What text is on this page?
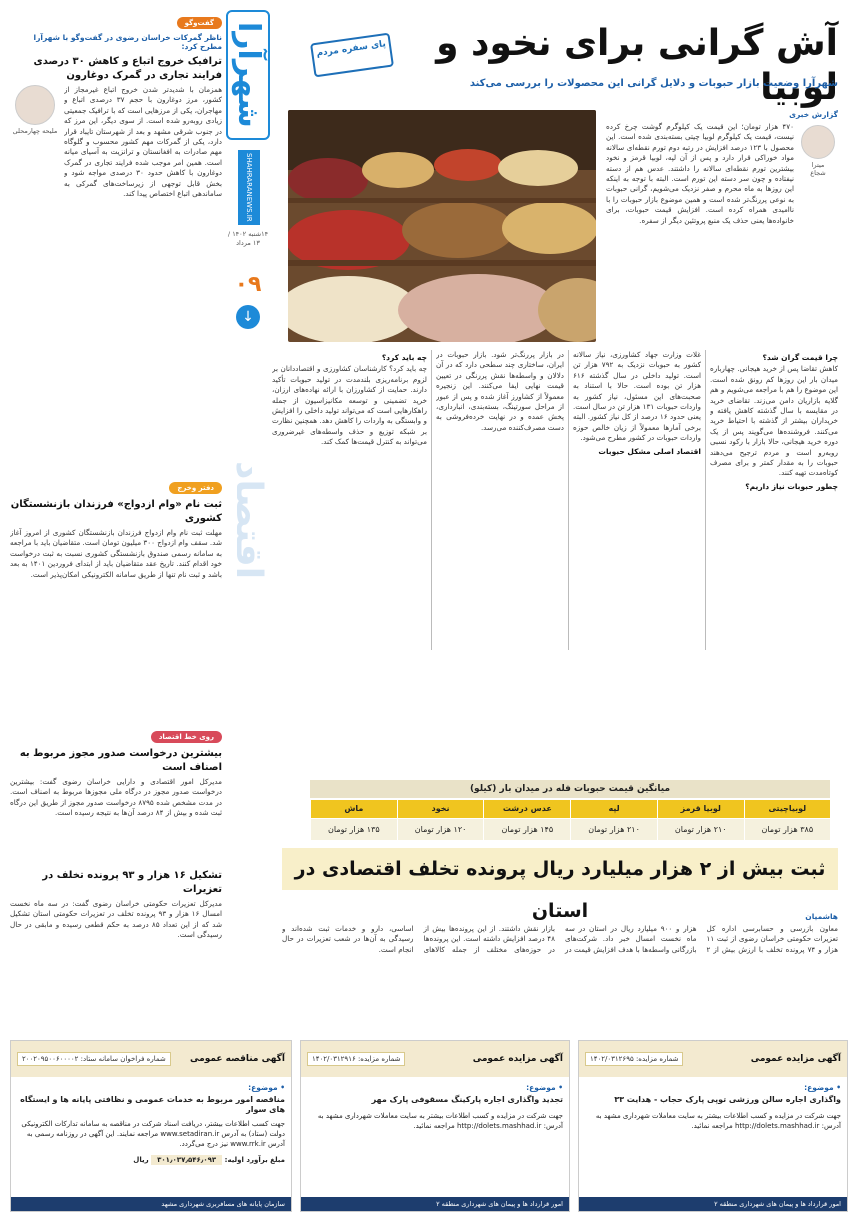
شهرآرا
SHAHRARANEWS.IR
۱۴شنبه ۱۴۰۲ / ۱۳ مرداد
۰۹
↓
اقتصاد
آش گرانی برای نخود و لوبیا
پای سفره مردم
شهرآرا وضعیت بازار حبوبات و دلایل گرانی این محصولات را بررسی می‌کند
گزارش خبری
میترا
شجاع
۴۷۰ هزار تومان؛ این قیمت یک کیلوگرم گوشت چرخ کرده نیست، قیمت یک کیلوگرم لوبیا چیتی بسته‌بندی شده است. این محصول با ۱۲۳ درصد افزایش در رتبه دوم تورم نقطه‌ای سالانه مواد خوراکی قرار دارد و پس از آن لپه، لوبیا قرمز و نخود بیشترین تورم نقطه‌ای سالانه را داشتند. عدس هم از دسته نیفتاده و چون سر دسته این تورم است. البته با توجه به اینکه این روزها به ماه محرم و صفر نزدیک می‌شویم، گرانی حبوبات به نوعی پررنگ‌تر شده است و همین موضوع بازار حبوبات را با ناامیدی همراه کرده است. افزایش قیمت حبوبات، برای خانواده‌ها یعنی حذف یک منبع پروتئین دیگر از سفره.
چرا قیمت گران شد؟
کاهش تقاضا پس از خرید هیجانی. چهارباره میدان بار این روزها کم رونق شده است. این موضوع را هم با مراجعه می‌شویم و هم گلایه بازاریان دامن می‌زند. تقاضای خرید در مقایسه با سال گذشته کاهش یافته و خریداران بیشتر از گذشته با احتیاط خرید می‌کنند. فروشنده‌ها می‌گویند پس از یک دوره خرید هیجانی، حالا بازار با رکود نسبی روبه‌رو است و مردم ترجیح می‌دهند حبوبات را به مقدار کمتر و برای مصرف کوتاه‌مدت تهیه کنند.
چطور حبوبات نیاز داریم؟
غلات وزارت جهاد کشاورزی، نیاز سالانه کشور به حبوبات نزدیک به ۷۹۲ هزار تن است. تولید داخلی در سال گذشته ۶۱۶ هزار تن بوده است. حالا با استناد به صحبت‌های این مسئول، نیاز کشور به واردات حبوبات ۱۳۱ هزار تن در سال است. یعنی حدود ۱۶ درصد از کل نیاز کشور. البته برخی آمارها معمولاً از زیان خالص حوزه واردات حبوبات در کشور مطرح می‌شود.
اقتصاد اصلی مشکل حبوبات
در بازار پررنگ‌تر شود. بازار حبوبات در ایران، ساختاری چند سطحی دارد که در آن دلالان و واسطه‌ها نقش پررنگی در تعیین قیمت نهایی ایفا می‌کنند. این زنجیره معمولاً از کشاورز آغاز شده و پس از عبور از مراحل سورتینگ، بسته‌بندی، انبارداری، پخش عمده و در نهایت خرده‌فروشی به دست مصرف‌کننده می‌رسد.
چه باید کرد؟
چه باید کرد؟ کارشناسان کشاورزی و اقتصاددانان بر لزوم برنامه‌ریزی بلندمدت در تولید حبوبات تأکید دارند. حمایت از کشاورزان با ارائه نهاده‌های ارزان، خرید تضمینی و توسعه مکانیزاسیون از جمله راهکارهایی است که می‌تواند تولید داخلی را افزایش و وابستگی به واردات را کاهش دهد. همچنین نظارت بر شبکه توزیع و حذف واسطه‌های غیرضروری می‌تواند به کنترل قیمت‌ها کمک کند.
میانگین قیمت حبوبات فله در میدان بار (کیلو)
لوبیاچیتی	لوبیا قرمز	لپه	عدس درشت	نخود	ماش
۳۸۵ هزار تومان	۲۱۰ هزار تومان	۲۱۰ هزار تومان	۱۴۵ هزار تومان	۱۲۰ هزار تومان	۱۳۵ هزار تومان
ثبت بیش از ۲ هزار میلیارد ریال پرونده تخلف اقتصادی در استان	هاشمیان
معاون بازرسی و حسابرسی اداره کل تعزیرات حکومتی خراسان رضوی از ثبت ۱۱ هزار و ۷۴ پرونده تخلف با ارزش بیش از ۲ هزار و ۹۰۰ میلیارد ریال در استان در سه ماه نخست امسال خبر داد. شرکت‌های بازرگانی واسطه‌ها با هدف افزایش قیمت در بازار نقش داشتند. از این پرونده‌ها بیش از ۴۸ درصد افزایش داشته است. این پرونده‌ها در حوزه‌های مختلف از جمله کالاهای اساسی، دارو و خدمات ثبت شده‌اند و رسیدگی به آن‌ها در شعب تعزیرات در حال انجام است.
گفت‌وگو
ناظر گمرکات خراسان رضوی در گفت‌وگو با شهرآرا مطرح کرد:
ترافیک خروج اتباع و کاهش ۳۰ درصدی فرایند تجاری در گمرک دوغارون
همزمان با شدیدتر شدن خروج اتباع غیرمجاز از کشور، مرز دوغارون با حجم ۳۷ درصدی اتباع و مهاجران، یکی از مرزهایی است که با ترافیک جمعیتی زیادی روبه‌رو شده است. از سوی دیگر، این مرز که در جنوب شرقی مشهد و بعد از شهرستان تایباد قرار دارد، یکی از گمرکات مهم کشور محسوب و گلوگاه مهم صادرات به افغانستان و ترانزیت به آسیای میانه است. همین امر موجب شده فرایند تجاری در گمرک دوغارون با کاهش حدود ۳۰ درصدی مواجه شود و بخش قابل توجهی از زیرساخت‌های گمرکی به ساماندهی اتباع اختصاص پیدا کند.
ملیحه چهارمحلی
دفتر وخرج
ثبت نام «وام ازدواج» فرزندان بازنشستگان کشوری
مهلت ثبت نام وام ازدواج فرزندان بازنشستگان کشوری از امروز آغاز شد. سقف وام ازدواج ۳۰۰ میلیون تومان است. متقاضیان باید با مراجعه به سامانه رسمی صندوق بازنشستگی کشوری نسبت به ثبت درخواست خود اقدام کنند. تاریخ عقد متقاضیان باید از ابتدای فروردین ۱۴۰۱ به بعد باشد و ثبت نام تنها از طریق سامانه الکترونیکی امکان‌پذیر است.
روی خط اقتصاد
بیشترین درخواست صدور مجوز مربوط به اصناف است
مدیرکل امور اقتصادی و دارایی خراسان رضوی گفت: بیشترین درخواست صدور مجوز در درگاه ملی مجوزها مربوط به اصناف است. در مدت مشخص شده ۸۷۹۵ درخواست صدور مجوز از طریق این درگاه ثبت شده و بیش از ۸۴ درصد آن‌ها به نتیجه رسیده است.
تشکیل ۱۶ هزار و ۹۳ پرونده تخلف در تعزیرات
مدیرکل تعزیرات حکومتی خراسان رضوی گفت: در سه ماه نخست امسال ۱۶ هزار و ۹۳ پرونده تخلف در تعزیرات حکومتی استان تشکیل شد که از این تعداد ۸۵ درصد به حکم قطعی رسیده و مابقی در حال رسیدگی است.
آگهی مزایده عمومی
شماره مزایده: ۱۴۰۲/۰۳۱۲۶۹۵
• موضوع:
واگذاری اجاره سالن ورزشی توپی پارک حجاب - هدایت ۳۳
جهت شرکت در مزایده و کسب اطلاعات بیشتر به سایت معاملات شهرداری مشهد به آدرس: http://dolets.mashhad.ir مراجعه نمائید.
امور قرارداد ها و پیمان های شهرداری منطقه ۲
آگهی مزایده عمومی
شماره مزایده: ۱۴۰۲/۰۳۱۲۹۱۶
• موضوع:
تجدید واگذاری اجاره پارکینگ مسقوفی پارک مهر
جهت شرکت در مزایده و کسب اطلاعات بیشتر به سایت معاملات شهرداری مشهد به آدرس: http://dolets.mashhad.ir مراجعه نمائید.
امور قرارداد ها و پیمان های شهرداری منطقه ۲
آگهی مناقصه عمومی
شماره فراخوان سامانه ستاد: ۲۰۰۲۰۹۵۰۰۶۰۰۰۰۲
• موضوع:
مناقصه امور مربوط به خدمات عمومی و نظافتی پایانه ها و ایستگاه های سوار
جهت کسب اطلاعات بیشتر، دریافت اسناد شرکت در مناقصه به سامانه تدارکات الکترونیکی دولت (ستاد) به آدرس www.setadiran.ir مراجعه نمایند. این آگهی در روزنامه رسمی به آدرس www.rrk.ir نیز درج می‌گردد.
مبلغ برآورد اولیه: ۳۰۱٫۰۳۷٫۵۴۶٫۰۹۳ ریال
سازمان پایانه های مسافربری شهرداری مشهد
